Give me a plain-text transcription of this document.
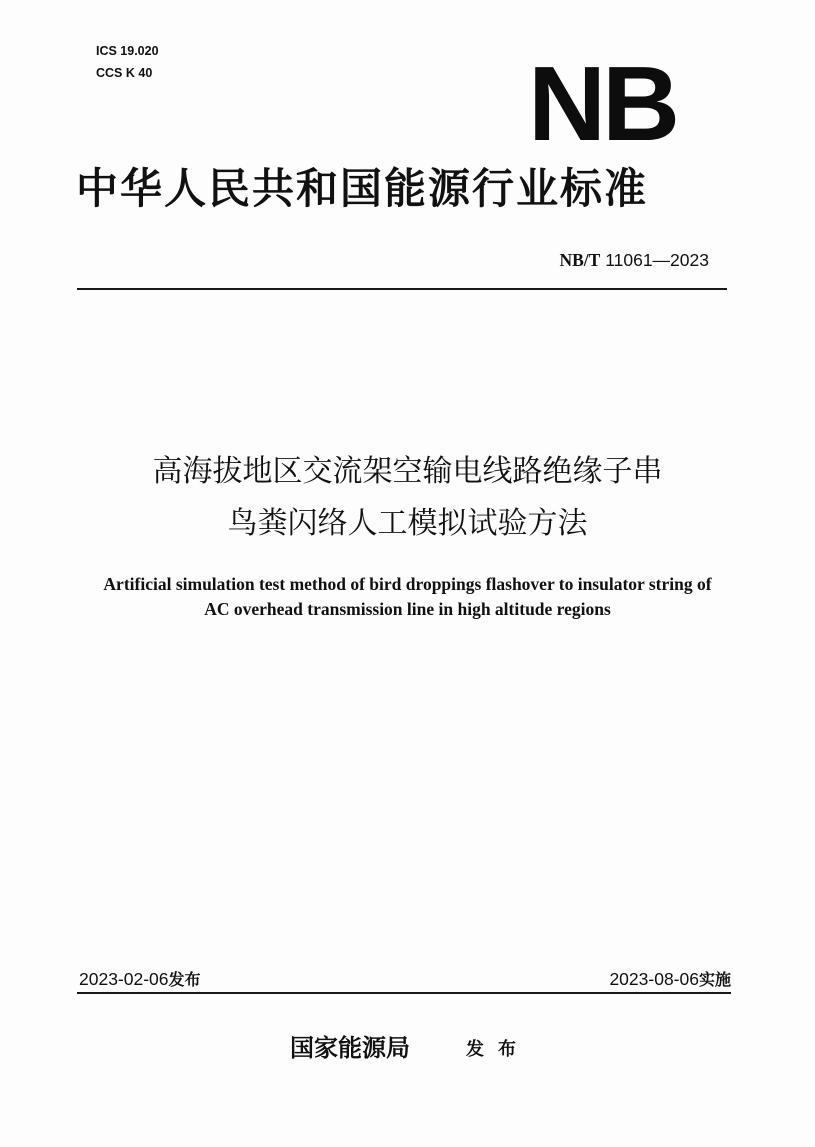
ICS 19.020
CCS K 40	NB
中华人民共和国能源行业标准
NB/T 11061—2023
高海拔地区交流架空输电线路绝缘子串
鸟粪闪络人工模拟试验方法
Artificial simulation test method of bird droppings flashover to insulator string of
AC overhead transmission line in high altitude regions
2023-02-06发布	2023-08-06实施
国家能源局	发布
